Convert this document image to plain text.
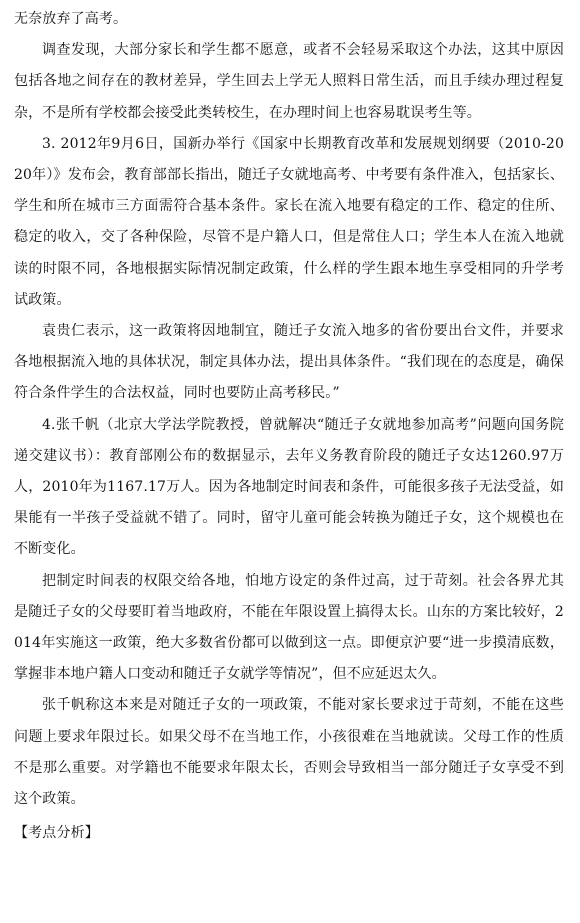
无奈放弃了高考。

调查发现，大部分家长和学生都不愿意，或者不会轻易采取这个办法，这其中原因包括各地之间存在的教材差异，学生回去上学无人照料日常生活，而且手续办理过程复杂，不是所有学校都会接受此类转校生，在办理时间上也容易耽误考生等。

3. 2012年9月6日，国新办举行《国家中长期教育改革和发展规划纲要（2010-2020年）》发布会，教育部部长指出，随迁子女就地高考、中考要有条件准入，包括家长、学生和所在城市三方面需符合基本条件。家长在流入地要有稳定的工作、稳定的住所、稳定的收入，交了各种保险，尽管不是户籍人口，但是常住人口；学生本人在流入地就读的时限不同，各地根据实际情况制定政策，什么样的学生跟本地生享受相同的升学考试政策。

袁贵仁表示，这一政策将因地制宜，随迁子女流入地多的省份要出台文件，并要求各地根据流入地的具体状况，制定具体办法，提出具体条件。“我们现在的态度是，确保符合条件学生的合法权益，同时也要防止高考移民。”

4.张千帆（北京大学法学院教授，曾就解决“随迁子女就地参加高考”问题向国务院递交建议书）：教育部刚公布的数据显示，去年义务教育阶段的随迁子女达1260.97万人，2010年为1167.17万人。因为各地制定时间表和条件，可能很多孩子无法受益，如果能有一半孩子受益就不错了。同时，留守儿童可能会转换为随迁子女，这个规模也在不断变化。

把制定时间表的权限交给各地，怕地方设定的条件过高，过于苛刻。社会各界尤其是随迁子女的父母要盯着当地政府，不能在年限设置上搞得太长。山东的方案比较好，2014年实施这一政策，绝大多数省份都可以做到这一点。即便京沪要“进一步摸清底数，掌握非本地户籍人口变动和随迁子女就学等情况”，但不应延迟太久。

张千帆称这本来是对随迁子女的一项政策，不能对家长要求过于苛刻，不能在这些问题上要求年限过长。如果父母不在当地工作，小孩很难在当地就读。父母工作的性质不是那么重要。对学籍也不能要求年限太长，否则会导致相当一部分随迁子女享受不到这个政策。

【考点分析】
